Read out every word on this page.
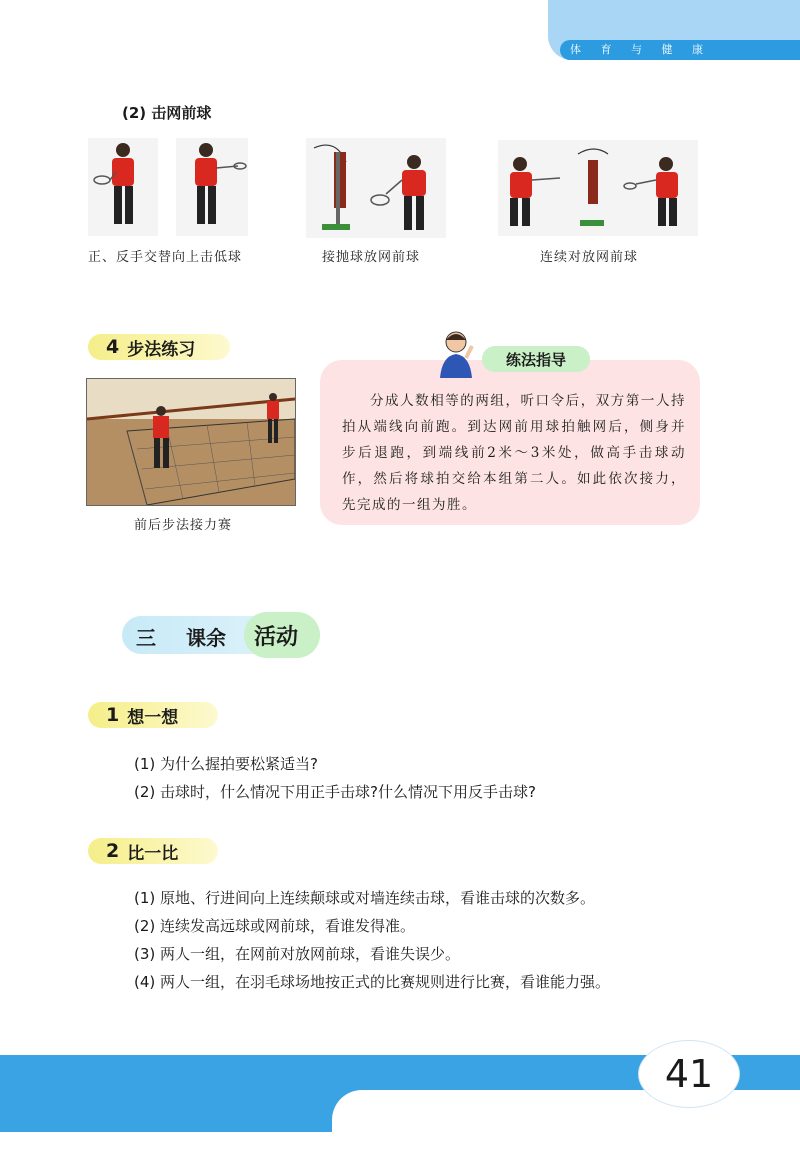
体 育 与 健 康
(2) 击网前球
正、反手交替向上击低球	接抛球放网前球	连续对放网前球
4 步法练习
前后步法接力赛
练法指导
分成人数相等的两组，听口令后，双方第一人持拍从端线向前跑。到达网前用球拍触网后，侧身并步后退跑，到端线前2米～3米处，做高手击球动作，然后将球拍交给本组第二人。如此依次接力，先完成的一组为胜。
三 课余 活动
1 想一想
(1) 为什么握拍要松紧适当?
(2) 击球时，什么情况下用正手击球?什么情况下用反手击球?
2 比一比
(1) 原地、行进间向上连续颠球或对墙连续击球，看谁击球的次数多。
(2) 连续发高远球或网前球，看谁发得准。
(3) 两人一组，在网前对放网前球，看谁失误少。
(4) 两人一组，在羽毛球场地按正式的比赛规则进行比赛，看谁能力强。
41
